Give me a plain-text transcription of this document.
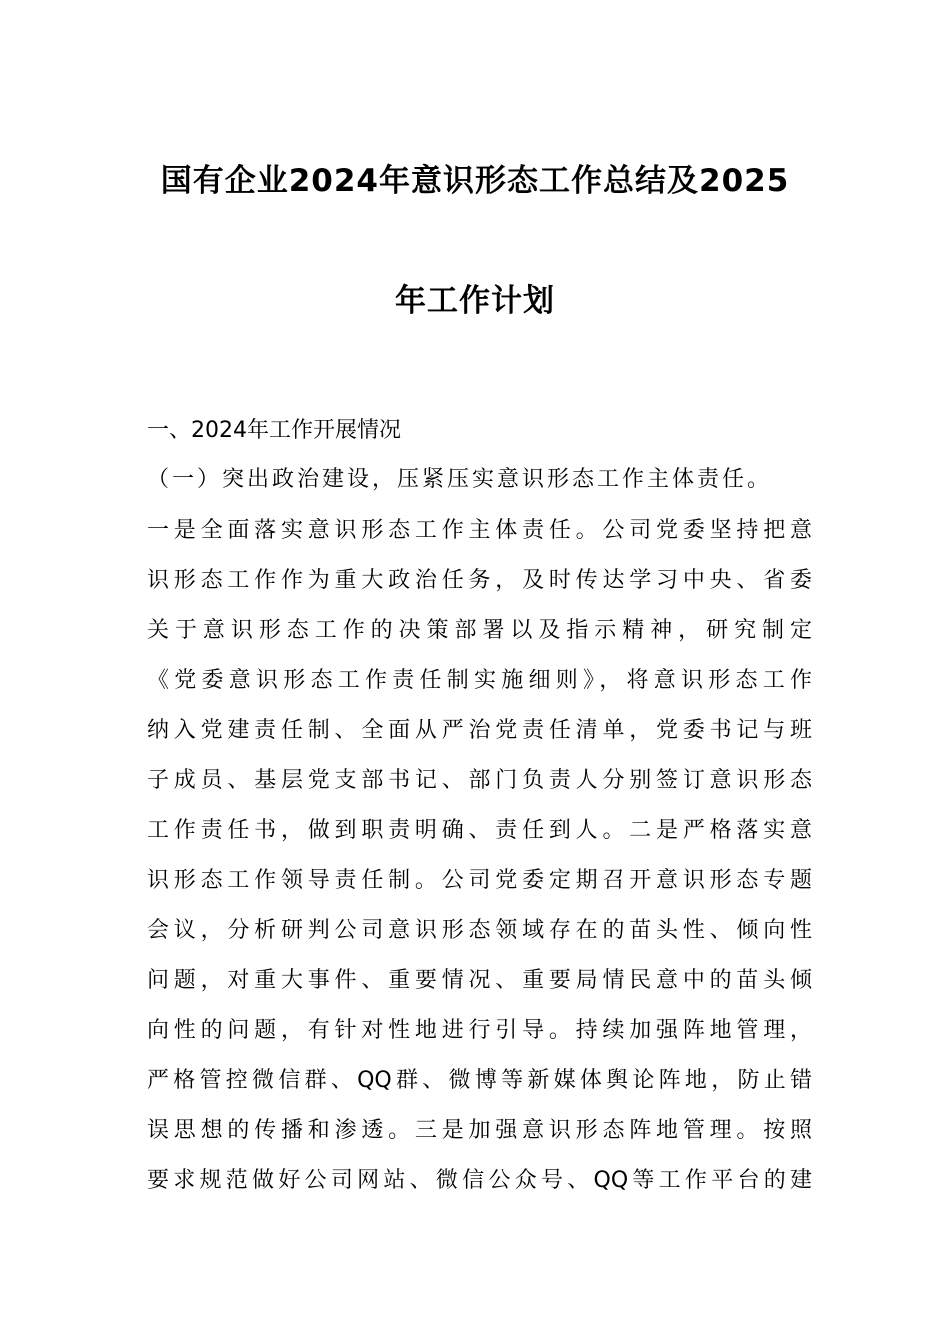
国有企业2024年意识形态工作总结及2025
年工作计划
一、2024年工作开展情况
（一）突出政治建设，压紧压实意识形态工作主体责任。
一是全面落实意识形态工作主体责任。公司党委坚持把意
识形态工作作为重大政治任务，及时传达学习中央、省委
关于意识形态工作的决策部署以及指示精神，研究制定
《党委意识形态工作责任制实施细则》，将意识形态工作
纳入党建责任制、全面从严治党责任清单，党委书记与班
子成员、基层党支部书记、部门负责人分别签订意识形态
工作责任书，做到职责明确、责任到人。二是严格落实意
识形态工作领导责任制。公司党委定期召开意识形态专题
会议，分析研判公司意识形态领域存在的苗头性、倾向性
问题，对重大事件、重要情况、重要局情民意中的苗头倾
向性的问题，有针对性地进行引导。持续加强阵地管理，
严格管控微信群、QQ群、微博等新媒体舆论阵地，防止错
误思想的传播和渗透。三是加强意识形态阵地管理。按照
要求规范做好公司网站、微信公众号、QQ等工作平台的建
